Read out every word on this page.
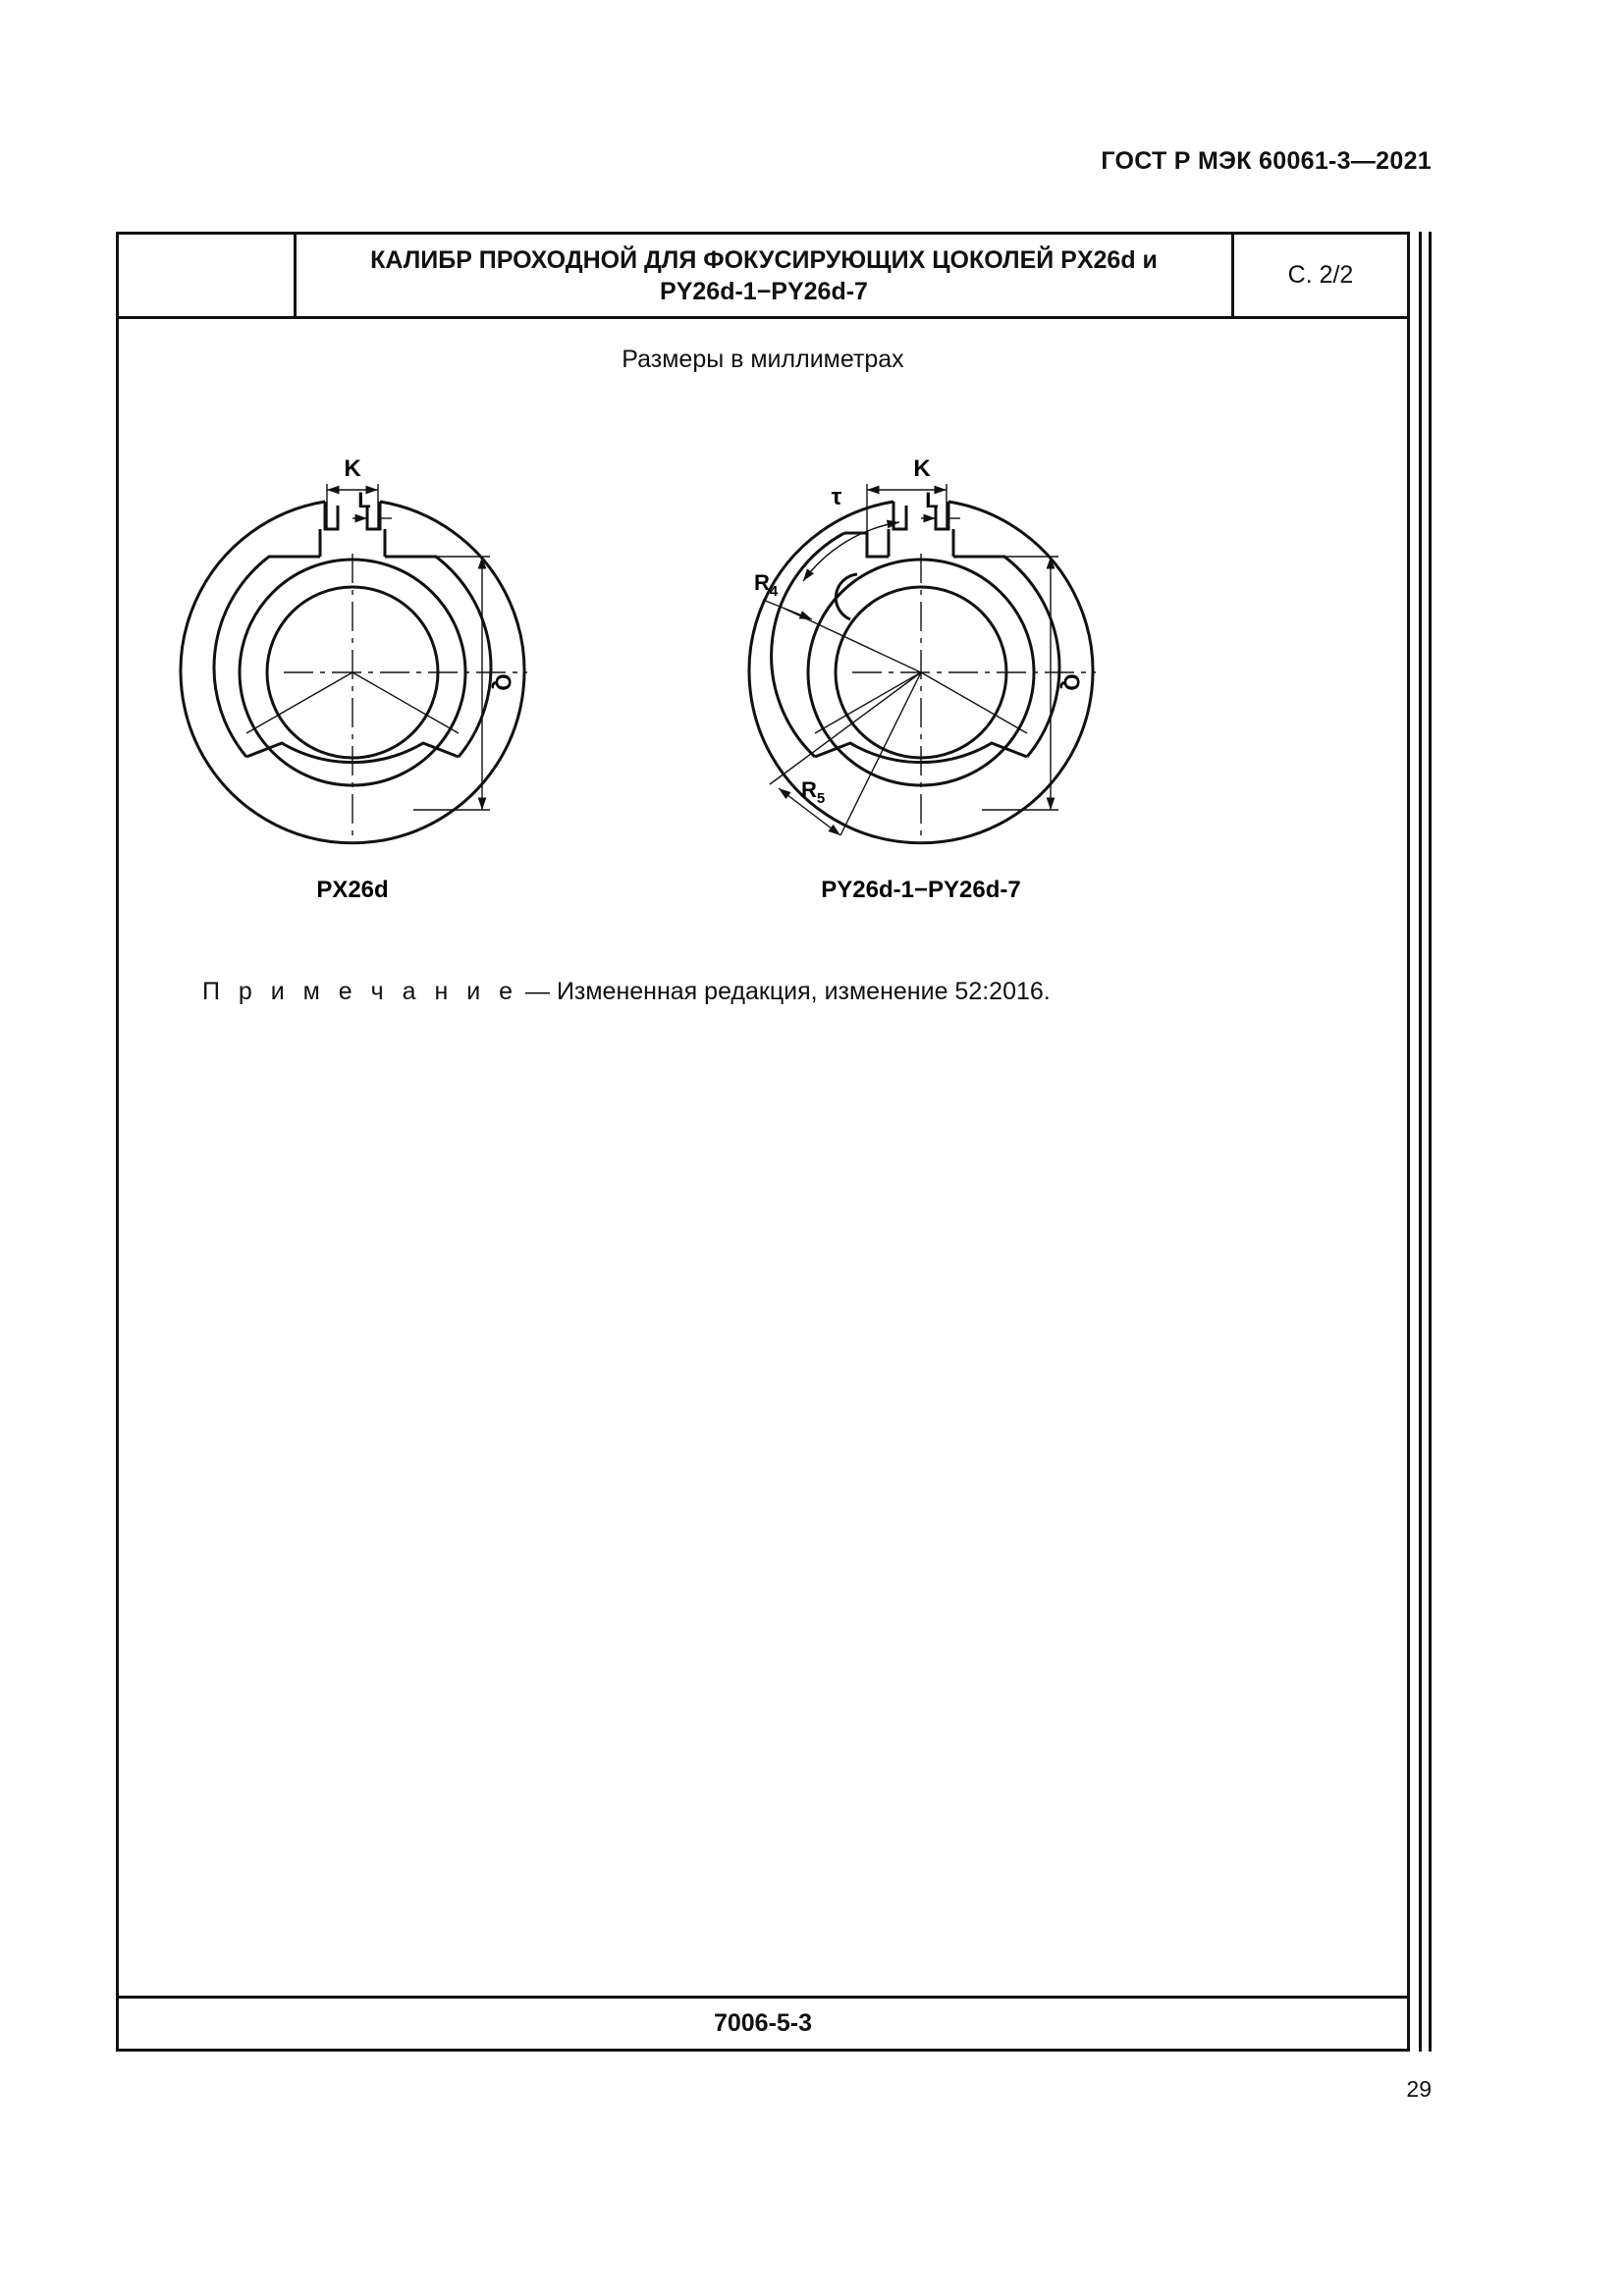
ГОСТ Р МЭК 60061-3—2021
КАЛИБР ПРОХОДНОЙ ДЛЯ ФОКУСИРУЮЩИХ ЦОКОЛЕЙ PX26d и
PY26d-1−PY26d-7
С. 2/2
Размеры в миллиметрах
K
L
Q
PX26d
K
L
τ
$R_4$
$R_5$
Q
PY26d-1−PY26d-7
П р и м е ч а н и е — Измененная редакция, изменение 52:2016.
7006-5-3
29
